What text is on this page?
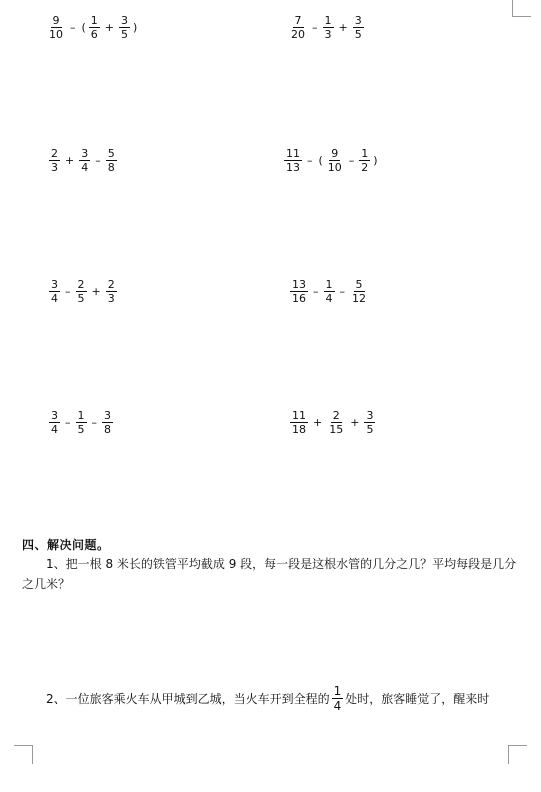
$\frac{9}{10}$ – ( $\frac{1}{6} + \frac{3}{5}$ )	$\frac{7}{20} - \frac{1}{3} + \frac{3}{5}$
$\frac{2}{3} + \frac{3}{4} - \frac{5}{8}$	$\frac{11}{13}$ – ( $\frac{9}{10} - \frac{1}{2}$ )
$\frac{3}{4} - \frac{2}{5} + \frac{2}{3}$	$\frac{13}{16} - \frac{1}{4} - \frac{5}{12}$
$\frac{3}{4} - \frac{1}{5} - \frac{3}{8}$	$\frac{11}{18} + \frac{2}{15} + \frac{3}{5}$
四、解决问题。
1、把一根 8 米长的铁管平均截成 9 段，每一段是这根水管的几分之几？平均每段是几分之几米？
2、一位旅客乘火车从甲城到乙城，当火车开到全程的 $\frac{1}{4}$ 处时，旅客睡觉了，醒来时
